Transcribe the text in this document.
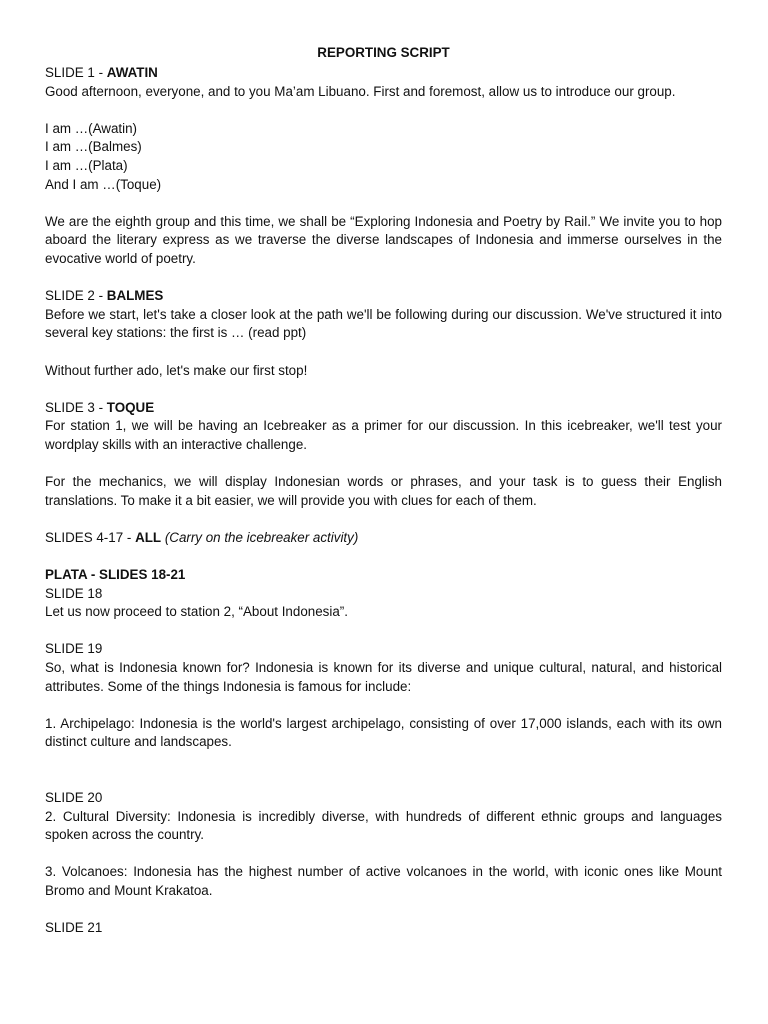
REPORTING SCRIPT

SLIDE 1 - AWATIN

Good afternoon, everyone, and to you Ma’am Libuano. First and foremost, allow us to introduce our group.

I am …(Awatin)

I am …(Balmes)

I am …(Plata)

And I am …(Toque)

We are the eighth group and this time, we shall be “Exploring Indonesia and Poetry by Rail.” We invite you to hop aboard the literary express as we traverse the diverse landscapes of Indonesia and immerse ourselves in the evocative world of poetry.

SLIDE 2 - BALMES

Before we start, let's take a closer look at the path we'll be following during our discussion. We've structured it into several key stations: the first is … (read ppt)

Without further ado, let's make our first stop!

SLIDE 3 - TOQUE

For station 1, we will be having an Icebreaker as a primer for our discussion. In this icebreaker, we'll test your wordplay skills with an interactive challenge.

For the mechanics, we will display Indonesian words or phrases, and your task is to guess their English translations. To make it a bit easier, we will provide you with clues for each of them.

SLIDES 4-17 - ALL (Carry on the icebreaker activity)

PLATA - SLIDES 18-21

SLIDE 18

Let us now proceed to station 2, “About Indonesia”.

SLIDE 19

So, what is Indonesia known for? Indonesia is known for its diverse and unique cultural, natural, and historical attributes. Some of the things Indonesia is famous for include:

1. Archipelago: Indonesia is the world's largest archipelago, consisting of over 17,000 islands, each with its own distinct culture and landscapes.

SLIDE 20

2. Cultural Diversity: Indonesia is incredibly diverse, with hundreds of different ethnic groups and languages spoken across the country.

3. Volcanoes: Indonesia has the highest number of active volcanoes in the world, with iconic ones like Mount Bromo and Mount Krakatoa.

SLIDE 21
